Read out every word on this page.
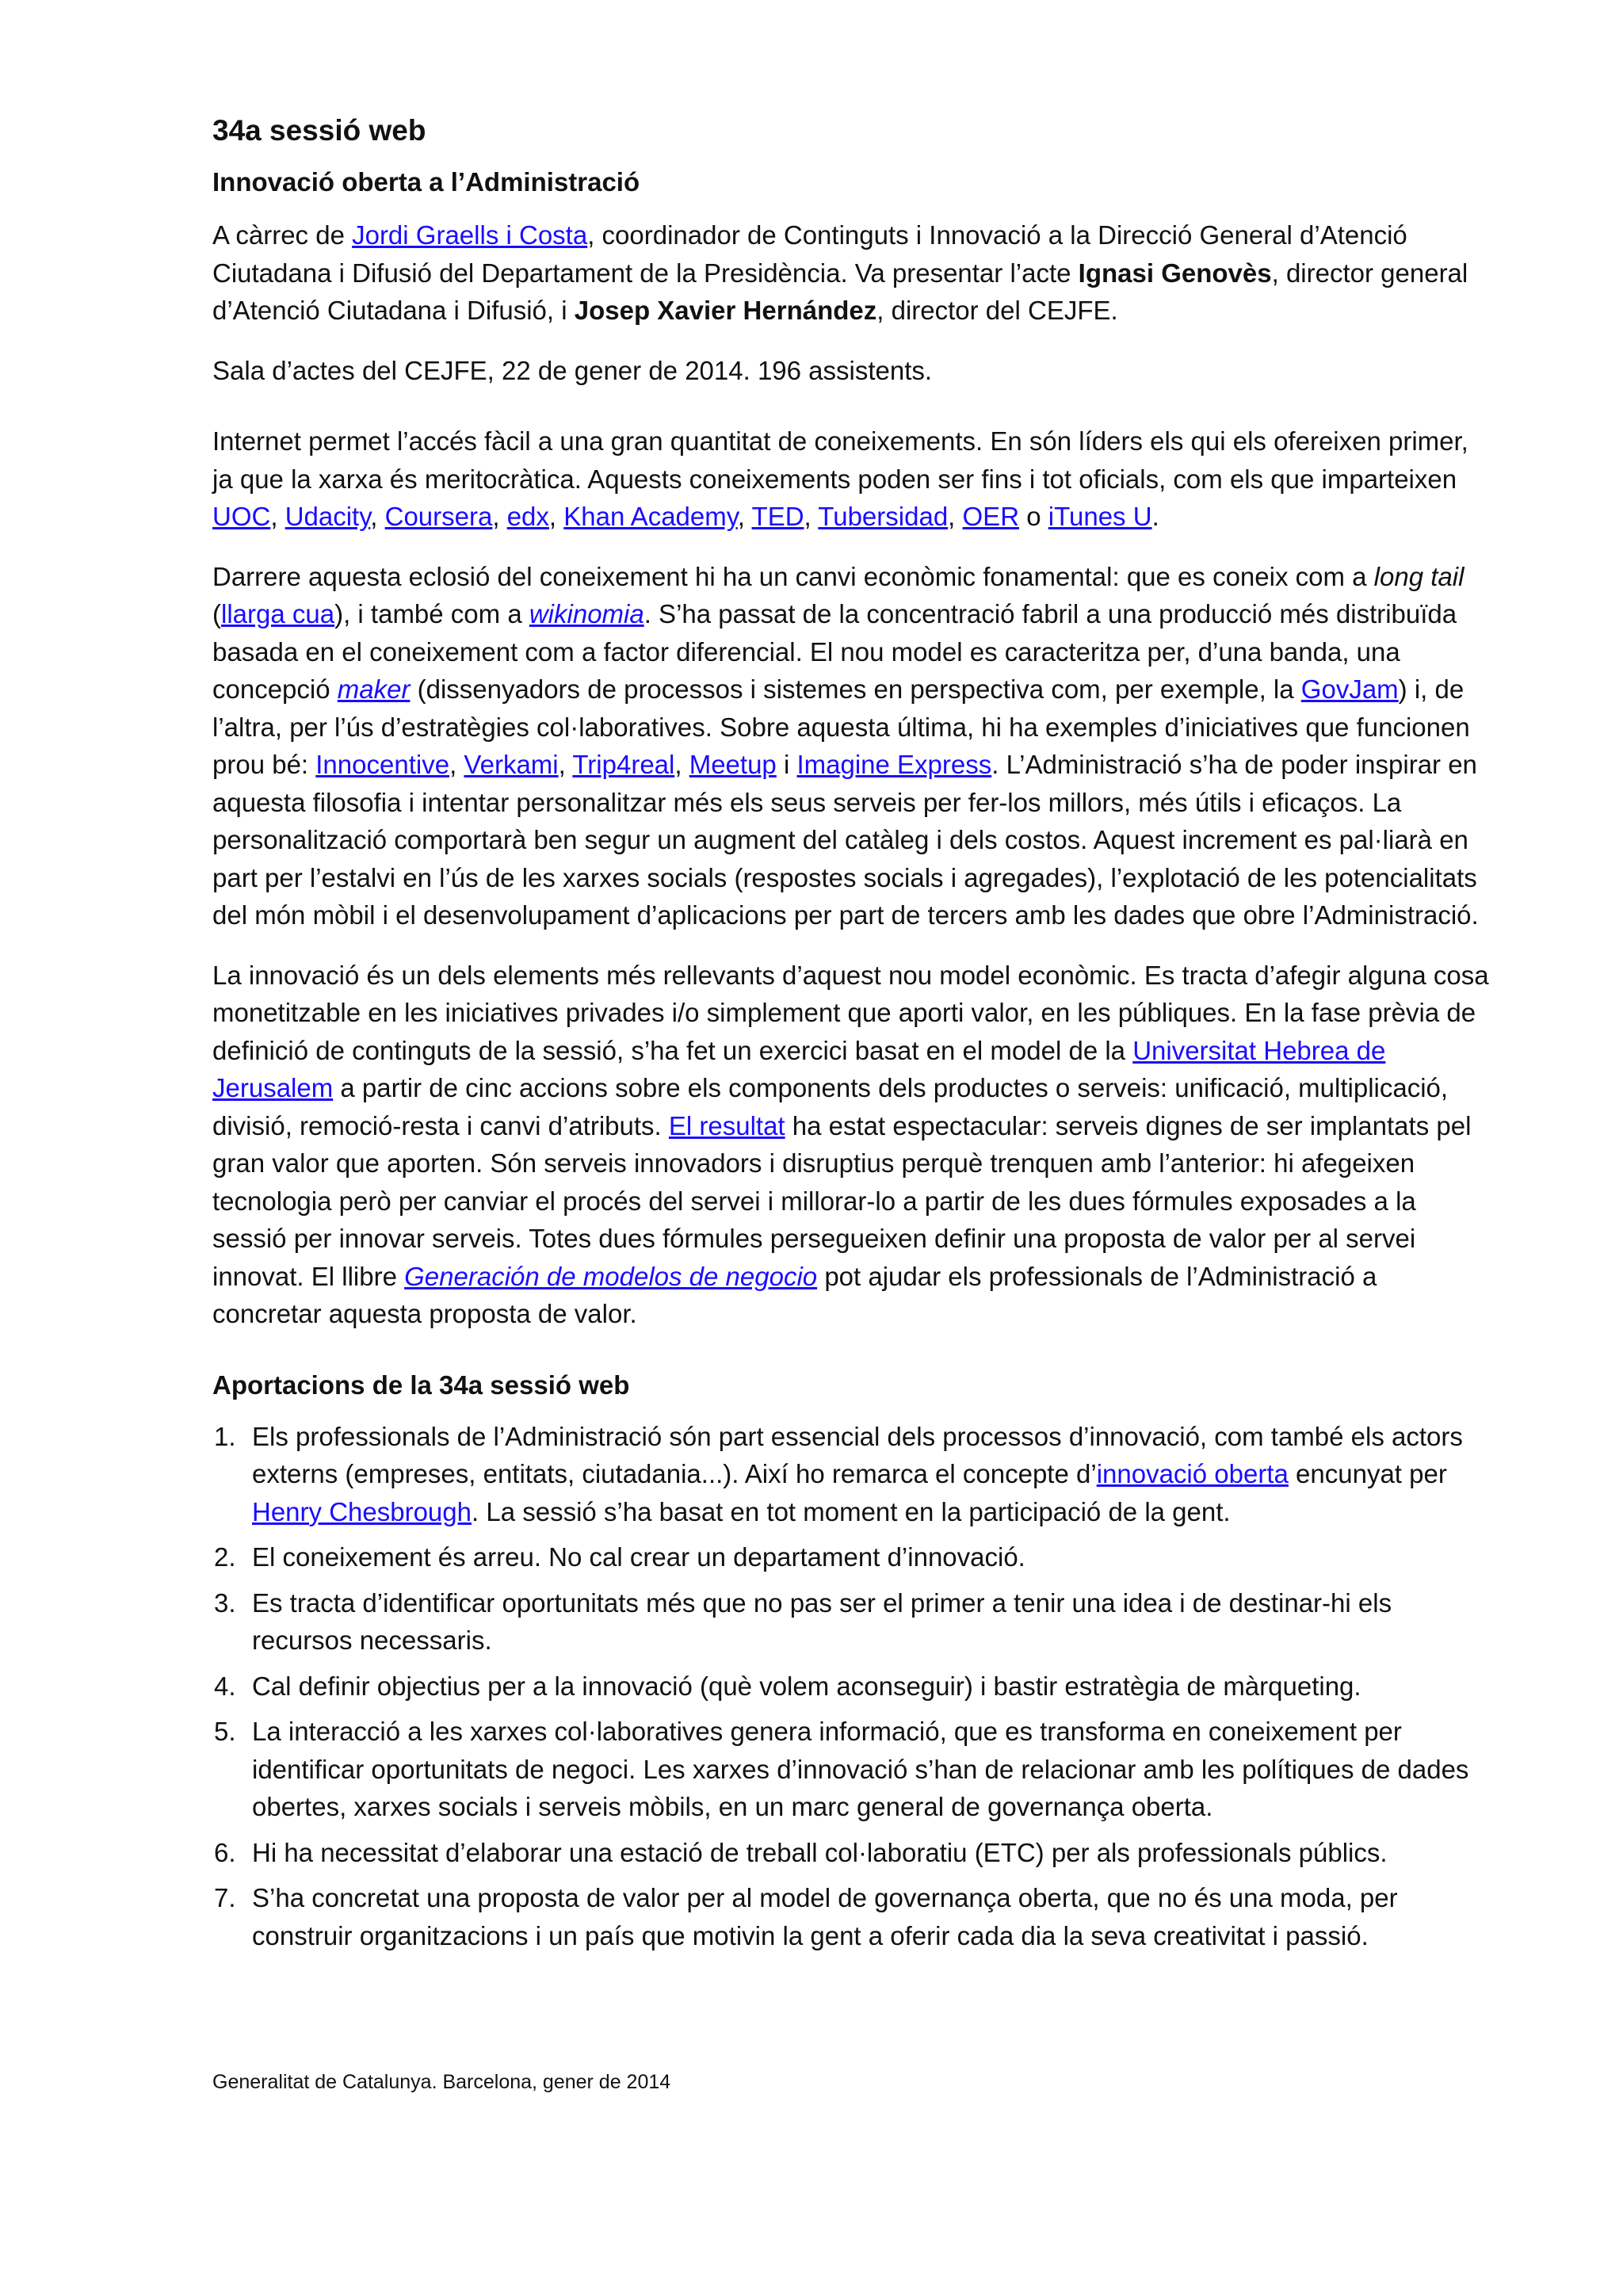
34a sessió web
Innovació oberta a l’Administració

A càrrec de Jordi Graells i Costa, coordinador de Continguts i Innovació a la Direcció General d’Atenció Ciutadana i Difusió del Departament de la Presidència. Va presentar l’acte Ignasi Genovès, director general d’Atenció Ciutadana i Difusió, i Josep Xavier Hernández, director del CEJFE.

Sala d’actes del CEJFE, 22 de gener de 2014. 196 assistents.

Internet permet l’accés fàcil a una gran quantitat de coneixements. En són líders els qui els ofereixen primer, ja que la xarxa és meritocràtica. Aquests coneixements poden ser fins i tot oficials, com els que imparteixen UOC, Udacity, Coursera, edx, Khan Academy, TED, Tubersidad, OER o iTunes U.

Darrere aquesta eclosió del coneixement hi ha un canvi econòmic fonamental: que es coneix com a long tail (llarga cua), i també com a wikinomia. S’ha passat de la concentració fabril a una producció més distribuïda basada en el coneixement com a factor diferencial. El nou model es caracteritza per, d’una banda, una concepció maker (dissenyadors de processos i sistemes en perspectiva com, per exemple, la GovJam) i, de l’altra, per l’ús d’estratègies col·laboratives. Sobre aquesta última, hi ha exemples d’iniciatives que funcionen prou bé: Innocentive, Verkami, Trip4real, Meetup i Imagine Express. L’Administració s’ha de poder inspirar en aquesta filosofia i intentar personalitzar més els seus serveis per fer-los millors, més útils i eficaços. La personalització comportarà ben segur un augment del catàleg i dels costos. Aquest increment es pal·liarà en part per l’estalvi en l’ús de les xarxes socials (respostes socials i agregades), l’explotació de les potencialitats del món mòbil i el desenvolupament d’aplicacions per part de tercers amb les dades que obre l’Administració.

La innovació és un dels elements més rellevants d’aquest nou model econòmic. Es tracta d’afegir alguna cosa monetitzable en les iniciatives privades i/o simplement que aporti valor, en les públiques. En la fase prèvia de definició de continguts de la sessió, s’ha fet un exercici basat en el model de la Universitat Hebrea de Jerusalem a partir de cinc accions sobre els components dels productes o serveis: unificació, multiplicació, divisió, remoció-resta i canvi d’atributs. El resultat ha estat espectacular: serveis dignes de ser implantats pel gran valor que aporten. Són serveis innovadors i disruptius perquè trenquen amb l’anterior: hi afegeixen tecnologia però per canviar el procés del servei i millorar-lo a partir de les dues fórmules exposades a la sessió per innovar serveis. Totes dues fórmules persegueixen definir una proposta de valor per al servei innovat. El llibre Generación de modelos de negocio pot ajudar els professionals de l’Administració a concretar aquesta proposta de valor.

Aportacions de la 34a sessió web
1. Els professionals de l’Administració són part essencial dels processos d’innovació, com també els actors externs (empreses, entitats, ciutadania...). Així ho remarca el concepte d’innovació oberta encunyat per Henry Chesbrough. La sessió s’ha basat en tot moment en la participació de la gent.
2. El coneixement és arreu. No cal crear un departament d’innovació.
3. Es tracta d’identificar oportunitats més que no pas ser el primer a tenir una idea i de destinar-hi els recursos necessaris.
4. Cal definir objectius per a la innovació (què volem aconseguir) i bastir estratègia de màrqueting.
5. La interacció a les xarxes col·laboratives genera informació, que es transforma en coneixement per identificar oportunitats de negoci. Les xarxes d’innovació s’han de relacionar amb les polítiques de dades obertes, xarxes socials i serveis mòbils, en un marc general de governança oberta.
6. Hi ha necessitat d’elaborar una estació de treball col·laboratiu (ETC) per als professionals públics.
7. S’ha concretat una proposta de valor per al model de governança oberta, que no és una moda, per construir organitzacions i un país que motivin la gent a oferir cada dia la seva creativitat i passió.
Generalitat de Catalunya. Barcelona, gener de 2014
